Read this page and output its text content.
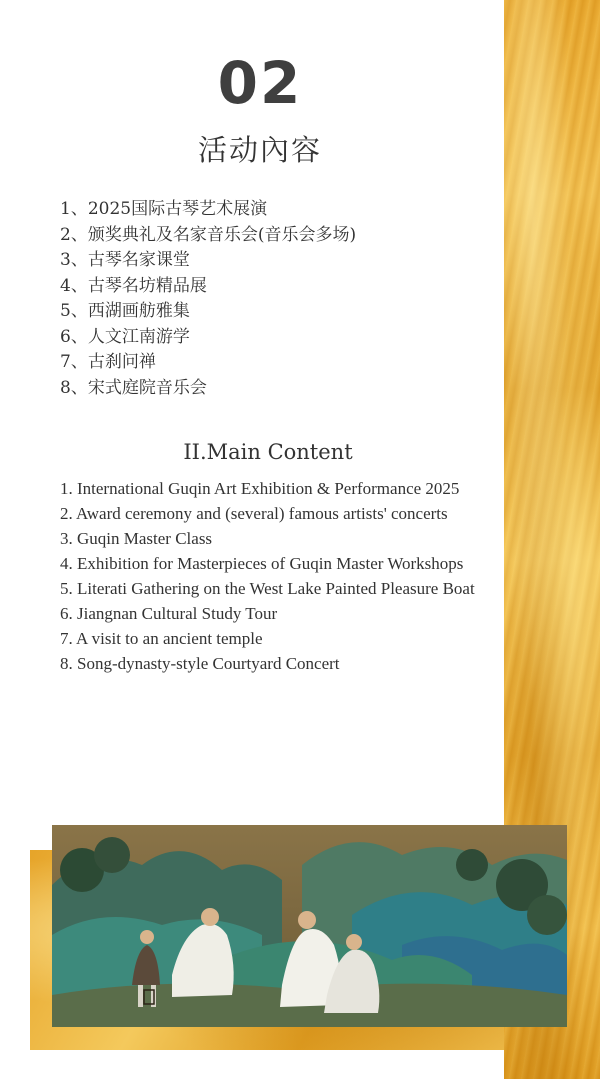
02
活动內容
1、2025国际古琴艺术展演
2、颁奖典礼及名家音乐会(音乐会多场)
3、古琴名家课堂
4、古琴名坊精品展
5、西湖画舫雅集
6、人文江南游学
7、古刹问禅
8、宋式庭院音乐会
II.Main Content
1. International Guqin Art Exhibition & Performance 2025
2. Award ceremony and (several) famous artists' concerts
3. Guqin Master Class
4. Exhibition for Masterpieces of Guqin Master Workshops
5. Literati Gathering on the West Lake Painted Pleasure Boat
6. Jiangnan Cultural Study Tour
7. A visit to an ancient temple
8. Song-dynasty-style Courtyard Concert
